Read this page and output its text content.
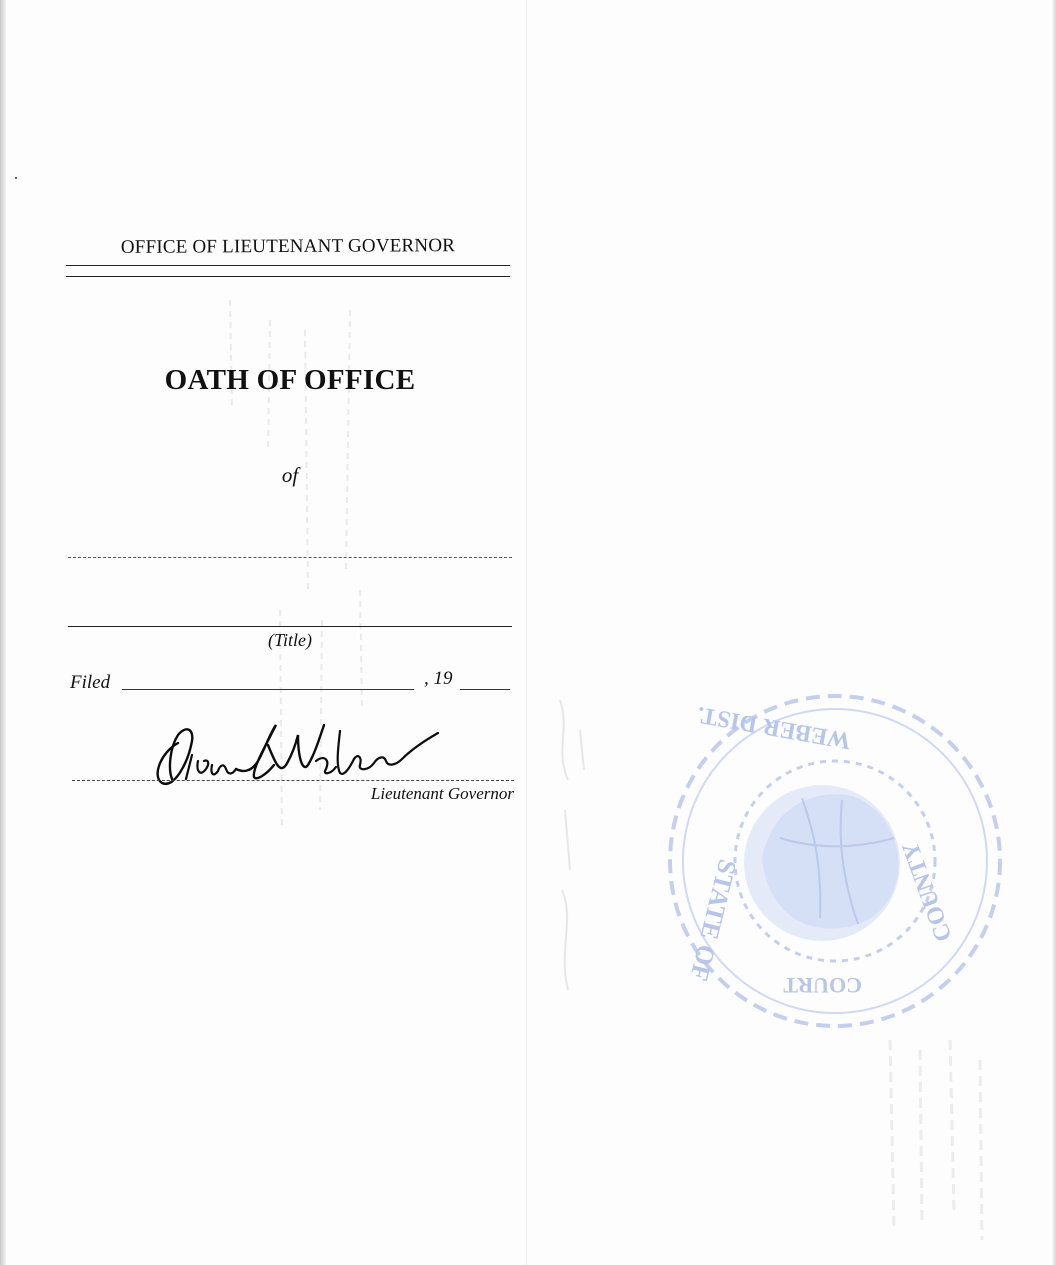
OFFICE OF LIEUTENANT GOVERNOR
OATH OF OFFICE
of
(Title)
Filed	, 19
Lieutenant Governor
STATE OF
WEBER DIST.
COUNTY
COURT
